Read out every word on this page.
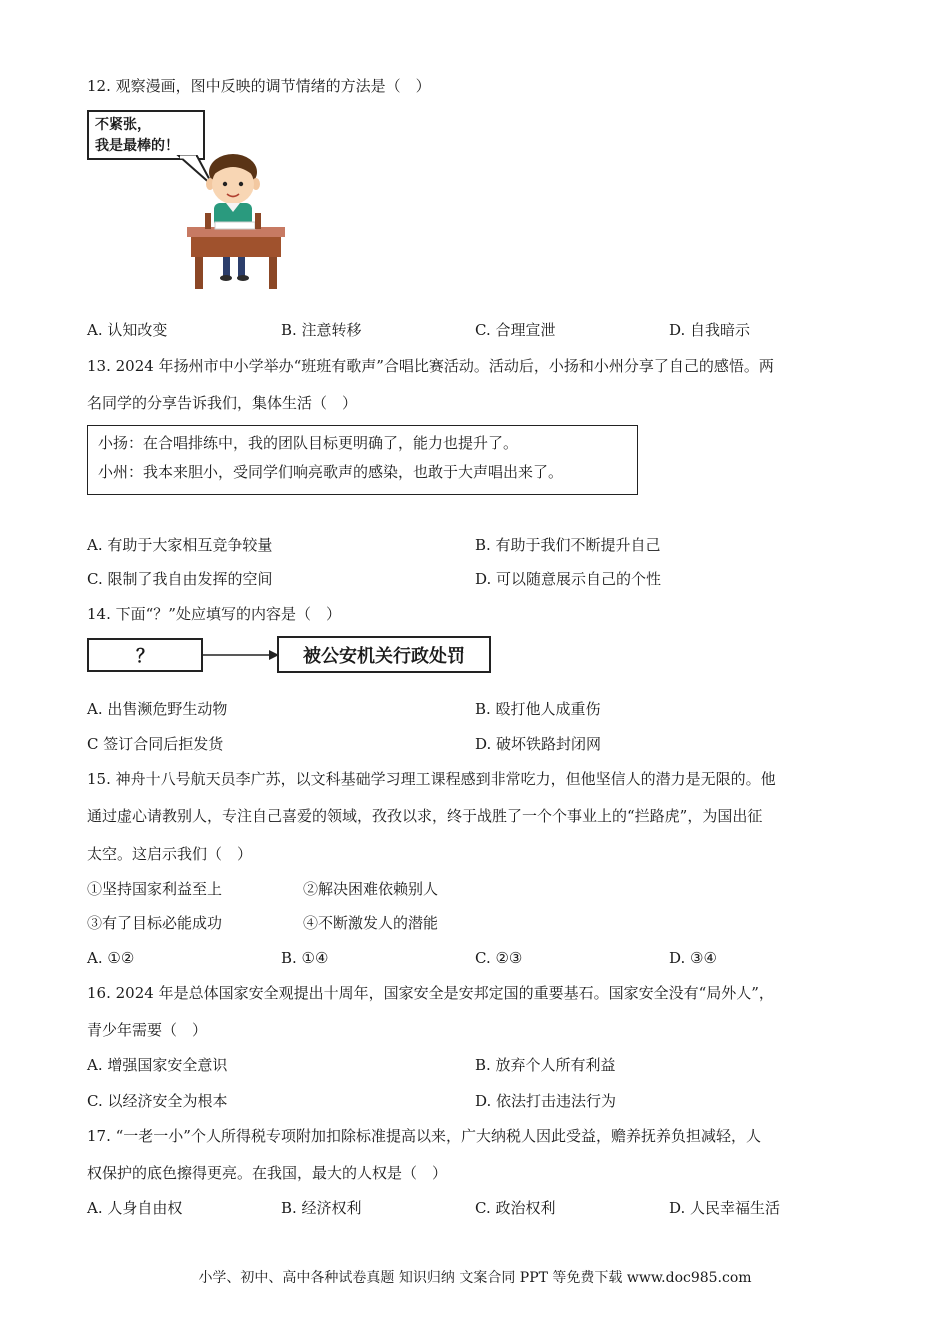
12. 观察漫画，图中反映的调节情绪的方法是（　）
不紧张，
我是最棒的！
A. 认知改变	B. 注意转移	C. 合理宣泄	D. 自我暗示
13. 2024 年扬州市中小学举办“班班有歌声”合唱比赛活动。活动后，小扬和小州分享了自己的感悟。两
名同学的分享告诉我们，集体生活（　）
小扬：在合唱排练中，我的团队目标更明确了，能力也提升了。
小州：我本来胆小，受同学们响亮歌声的感染，也敢于大声唱出来了。
A. 有助于大家相互竞争较量	B. 有助于我们不断提升自己
C. 限制了我自由发挥的空间	D. 可以随意展示自己的个性
14. 下面“？”处应填写的内容是（　）
？	被公安机关行政处罚
A. 出售濒危野生动物	B. 殴打他人成重伤
C 签订合同后拒发货	D. 破坏铁路封闭网
15. 神舟十八号航天员李广苏，以文科基础学习理工课程感到非常吃力，但他坚信人的潜力是无限的。他
通过虚心请教别人，专注自己喜爱的领域，孜孜以求，终于战胜了一个个事业上的“拦路虎”，为国出征
太空。这启示我们（　）
①坚持国家利益至上	②解决困难依赖别人
③有了目标必能成功	④不断激发人的潜能
A. ①②	B. ①④	C. ②③	D. ③④
16. 2024 年是总体国家安全观提出十周年，国家安全是安邦定国的重要基石。国家安全没有“局外人”，
青少年需要（　）
A. 增强国家安全意识	B. 放弃个人所有利益
C. 以经济安全为根本	D. 依法打击违法行为
17. “一老一小”个人所得税专项附加扣除标准提高以来，广大纳税人因此受益，赡养抚养负担减轻，人
权保护的底色擦得更亮。在我国，最大的人权是（　）
A. 人身自由权	B. 经济权利	C. 政治权利	D. 人民幸福生活
小学、初中、高中各种试卷真题 知识归纳 文案合同 PPT 等免费下载 www.doc985.com
